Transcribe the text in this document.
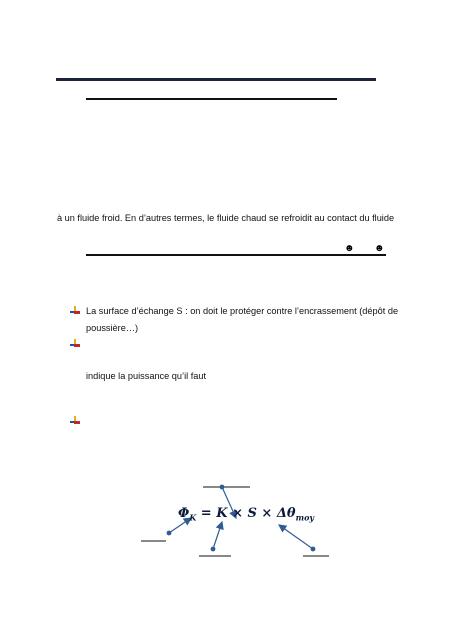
à un fluide froid. En d’autres termes, le fluide chaud se refroidit au contact du fluide
☻ ☻
La surface d’échange S : on doit le protéger contre l’encrassement (dépôt de poussière…)
indique la puissance qu’il faut
$\Phi_K = K \times S \times \Delta\theta_{moy}$
